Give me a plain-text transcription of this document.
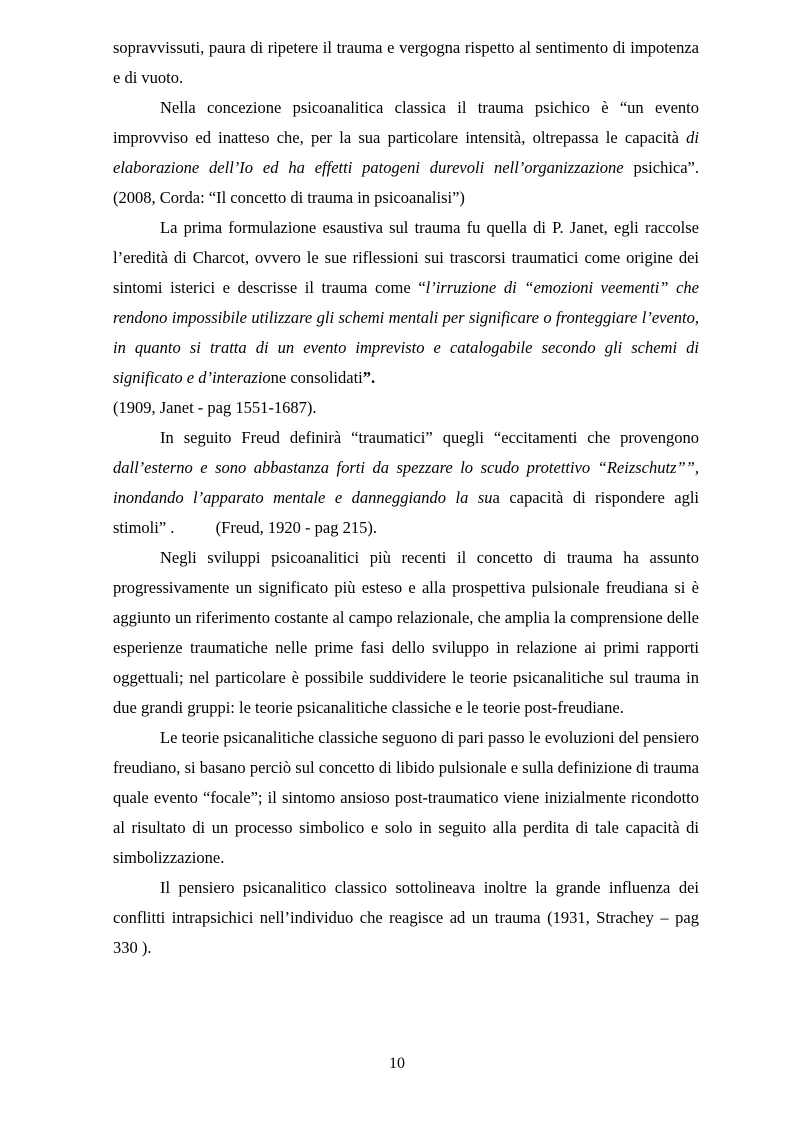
sopravvissuti, paura di ripetere il trauma e vergogna rispetto al sentimento di impotenza e di vuoto.

Nella concezione psicoanalitica classica il trauma psichico è “un evento improvviso ed inatteso che, per la sua particolare intensità, oltrepassa le capacità di elaborazione dell’Io ed ha effetti patogeni durevoli nell’organizzazione psichica”. (2008, Corda: “Il concetto di trauma in psicoanalisi”)

La prima formulazione esaustiva sul trauma fu quella di P. Janet, egli raccolse l’eredità di Charcot, ovvero le sue riflessioni sui trascorsi traumatici come origine dei sintomi isterici e descrisse il trauma come “l’irruzione di “emozioni veementi” che rendono impossibile utilizzare gli schemi mentali per significare o fronteggiare l’evento, in quanto si tratta di un evento imprevisto e catalogabile secondo gli schemi di significato e d’interazione consolidati”.

(1909, Janet - pag 1551-1687).

In seguito Freud definirà “traumatici” quegli “eccitamenti che provengono dall’esterno e sono abbastanza forti da spezzare lo scudo protettivo “Reizschutz””, inondando l’apparato mentale e danneggiando la sua capacità di rispondere agli stimoli” .          (Freud, 1920 - pag 215).

Negli sviluppi psicoanalitici più recenti il concetto di trauma ha assunto progressivamente un significato più esteso e alla prospettiva pulsionale freudiana si è aggiunto un riferimento costante al campo relazionale, che amplia la comprensione delle esperienze traumatiche nelle prime fasi dello sviluppo in relazione ai primi rapporti oggettuali; nel particolare è possibile suddividere le teorie psicanalitiche sul trauma in due grandi gruppi: le teorie psicanalitiche classiche e le teorie post-freudiane.

Le teorie psicanalitiche classiche seguono di pari passo le evoluzioni del pensiero freudiano, si basano perciò sul concetto di libido pulsionale e sulla definizione di trauma quale evento “focale”; il sintomo ansioso post-traumatico viene inizialmente ricondotto al risultato di un processo simbolico e solo in seguito alla perdita di tale capacità di simbolizzazione.

Il pensiero psicanalitico classico sottolineava inoltre la grande influenza dei conflitti intrapsichici nell’individuo che reagisce ad un trauma (1931, Strachey – pag 330 ).

10
